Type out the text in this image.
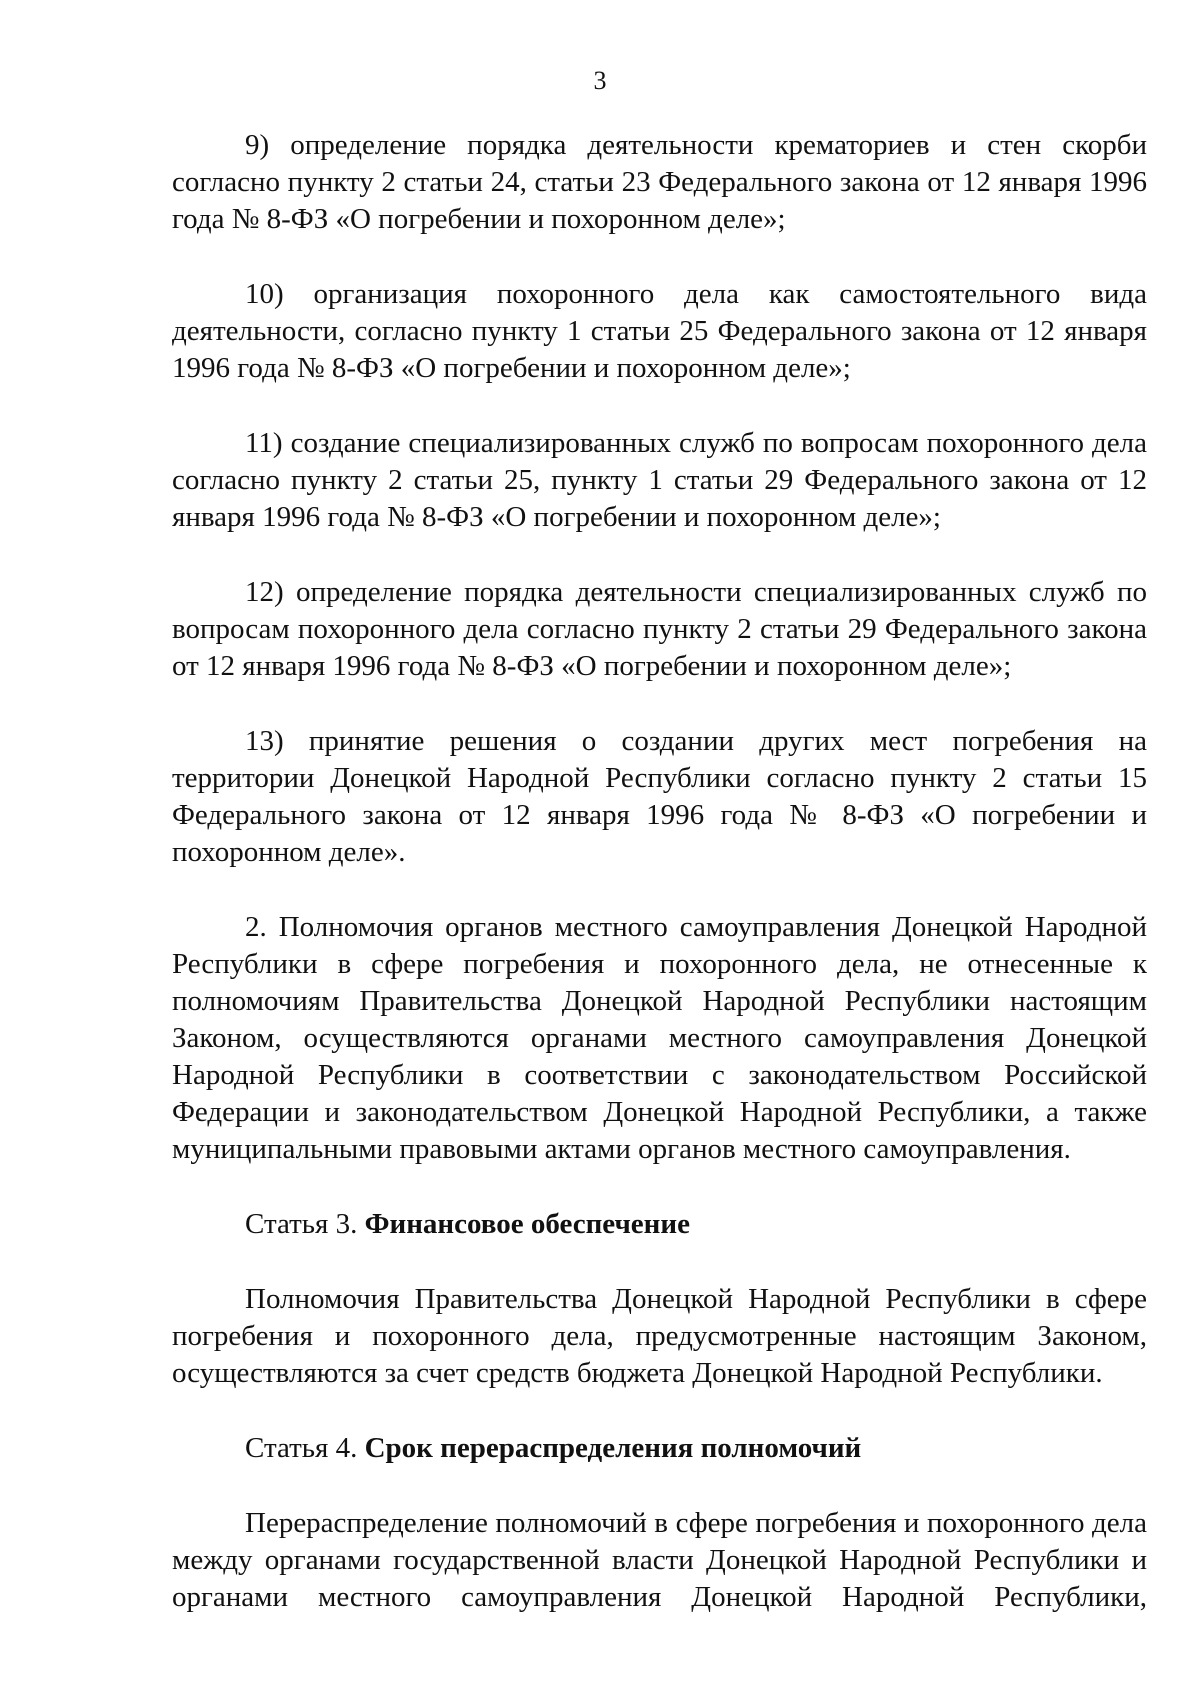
3

9) определение порядка деятельности крематориев и стен скорби согласно пункту 2 статьи 24, статьи 23 Федерального закона от 12 января 1996 года № 8-ФЗ «О погребении и похоронном деле»;

10) организация похоронного дела как самостоятельного вида деятельности, согласно пункту 1 статьи 25 Федерального закона от 12 января 1996 года № 8-ФЗ «О погребении и похоронном деле»;

11) создание специализированных служб по вопросам похоронного дела согласно пункту 2 статьи 25, пункту 1 статьи 29 Федерального закона от 12 января 1996 года № 8-ФЗ «О погребении и похоронном деле»;

12) определение порядка деятельности специализированных служб по вопросам похоронного дела согласно пункту 2 статьи 29 Федерального закона от 12 января 1996 года № 8-ФЗ «О погребении и похоронном деле»;

13) принятие решения о создании других мест погребения на территории Донецкой Народной Республики согласно пункту 2 статьи 15 Федерального закона от 12 января 1996 года № 8-ФЗ «О погребении и похоронном деле».

2. Полномочия органов местного самоуправления Донецкой Народной Республики в сфере погребения и похоронного дела, не отнесенные к полномочиям Правительства Донецкой Народной Республики настоящим Законом, осуществляются органами местного самоуправления Донецкой Народной Республики в соответствии с законодательством Российской Федерации и законодательством Донецкой Народной Республики, а также муниципальными правовыми актами органов местного самоуправления.

Статья 3. Финансовое обеспечение

Полномочия Правительства Донецкой Народной Республики в сфере погребения и похоронного дела, предусмотренные настоящим Законом, осуществляются за счет средств бюджета Донецкой Народной Республики.

Статья 4. Срок перераспределения полномочий

Перераспределение полномочий в сфере погребения и похоронного дела между органами государственной власти Донецкой Народной Республики и органами местного самоуправления Донецкой Народной Республики,
